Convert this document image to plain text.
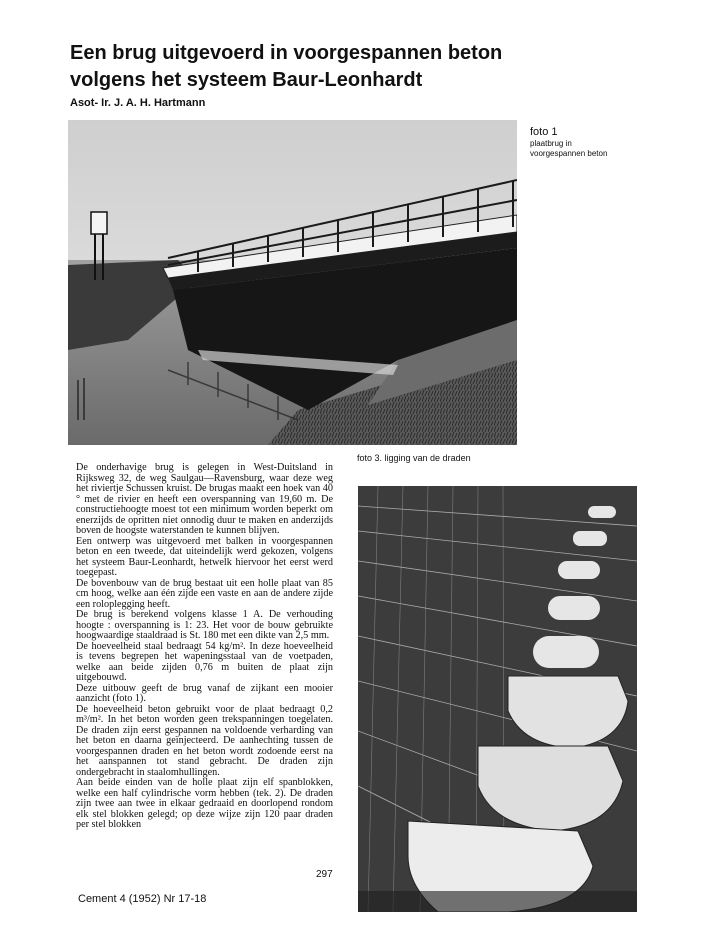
Een brug uitgevoerd in voorgespannen beton
volgens het systeem Baur-Leonhardt
Asot- Ir. J. A. H. Hartmann
foto 1
plaatbrug in voorgespannen beton
foto 3. ligging van de draden

De onderhavige brug is gelegen in West-Duitsland in Rijksweg 32, de weg Saulgau—Ravensburg, waar deze weg het riviertje Schussen kruist. De brugas maakt een hoek van 40 ° met de rivier en heeft een overspanning van 19,60 m. De constructiehoogte moest tot een minimum worden beperkt om enerzijds de opritten niet onnodig duur te maken en anderzijds boven de hoogste waterstanden te kunnen blijven.

Een ontwerp was uitgevoerd met balken in voorgespannen beton en een tweede, dat uiteindelijk werd gekozen, volgens het systeem Baur-Leonhardt, hetwelk hiervoor het eerst werd toegepast.

De bovenbouw van de brug bestaat uit een holle plaat van 85 cm hoog, welke aan één zijde een vaste en aan de andere zijde een roloplegging heeft.

De brug is berekend volgens klasse 1 A. De verhouding hoogte : overspanning is 1: 23. Het voor de bouw gebruikte hoogwaardige staaldraad is St. 180 met een dikte van 2,5 mm.

De hoeveelheid staal bedraagt 54 kg/m². In deze hoeveelheid is tevens begrepen het wapeningsstaal van de voetpaden, welke aan beide zijden 0,76 m buiten de plaat zijn uitgebouwd.

Deze uitbouw geeft de brug vanaf de zijkant een mooier aanzicht (foto 1).

De hoeveelheid beton gebruikt voor de plaat bedraagt 0,2 m³/m². In het beton worden geen trekspanningen toegelaten. De draden zijn eerst gespannen na voldoende verharding van het beton en daarna geïnjecteerd. De aanhechting tussen de voorgespannen draden en het beton wordt zodoende eerst na het aanspannen tot stand gebracht. De draden zijn ondergebracht in staalomhullingen.

Aan beide einden van de holle plaat zijn elf spanblokken, welke een half cylindrische vorm hebben (tek. 2). De draden zijn twee aan twee in elkaar gedraaid en doorlopend rondom elk stel blokken gelegd; op deze wijze zijn 120 paar draden per stel blokken

297
Cement 4 (1952) Nr 17-18
